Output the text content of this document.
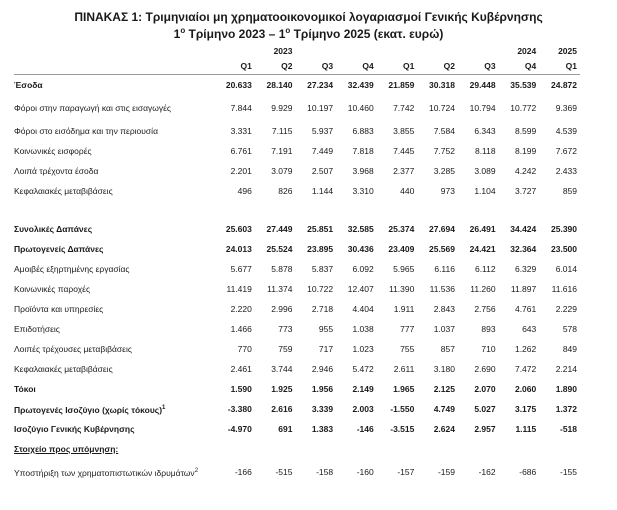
ΠΙΝΑΚΑΣ 1: Τριμηνιαίοι μη χρηματοοικονομικοί λογαριασμοί Γενικής Κυβέρνησης
$1^o$ Τρίμηνο $2023 - 1^o$ Τρίμηνο 2025 (εκατ. ευρώ)
	2023						2024		2025
	Q1	Q2	Q3	Q4	Q1	Q2	Q3	Q4	Q1
Έσοδα	20.633	28.140	27.234	32.439	21.859	30.318	29.448	35.539	24.872
Φόροι στην παραγωγή και στις εισαγωγές	7.844	9.929	10.197	10.460	7.742	10.724	10.794	10.772	9.369
Φόροι στο εισόδημα και την περιουσία	3.331	7.115	5.937	6.883	3.855	7.584	6.343	8.599	4.539
Κοινωνικές εισφορές	6.761	7.191	7.449	7.818	7.445	7.752	8.118	8.199	7.672
Λοιπά τρέχοντα έσοδα	2.201	3.079	2.507	3.968	2.377	3.285	3.089	4.242	2.433
Κεφαλαιακές μεταβιβάσεις	496	826	1.144	3.310	440	973	1.104	3.727	859

Συνολικές Δαπάνες	25.603	27.449	25.851	32.585	25.374	27.694	26.491	34.424	25.390
Πρωτογενείς Δαπάνες	24.013	25.524	23.895	30.436	23.409	25.569	24.421	32.364	23.500
Αμοιβές εξηρτημένης εργασίας	5.677	5.878	5.837	6.092	5.965	6.116	6.112	6.329	6.014
Κοινωνικές παροχές	11.419	11.374	10.722	12.407	11.390	11.536	11.260	11.897	11.616
Προϊόντα και υπηρεσίες	2.220	2.996	2.718	4.404	1.911	2.843	2.756	4.761	2.229
Επιδοτήσεις	1.466	773	955	1.038	777	1.037	893	643	578
Λοιπές τρέχουσες μεταβιβάσεις	770	759	717	1.023	755	857	710	1.262	849
Κεφαλαιακές μεταβιβάσεις	2.461	3.744	2.946	5.472	2.611	3.180	2.690	7.472	2.214
Τόκοι	1.590	1.925	1.956	2.149	1.965	2.125	2.070	2.060	1.890
Πρωτογενές Ισοζύγιο (χωρίς τόκους)$^1$	-3.380	2.616	3.339	2.003	-1.550	4.749	5.027	3.175	1.372
Ισοζύγιο Γενικής Κυβέρνησης	-4.970	691	1.383	-146	-3.515	2.624	2.957	1.115	-518
Στοιχείο προς υπόμνηση:									
Υποστήριξη των χρηματοπιστωτικών ιδρυμάτων$^2$	-166	-515	-158	-160	-157	-159	-162	-686	-155
